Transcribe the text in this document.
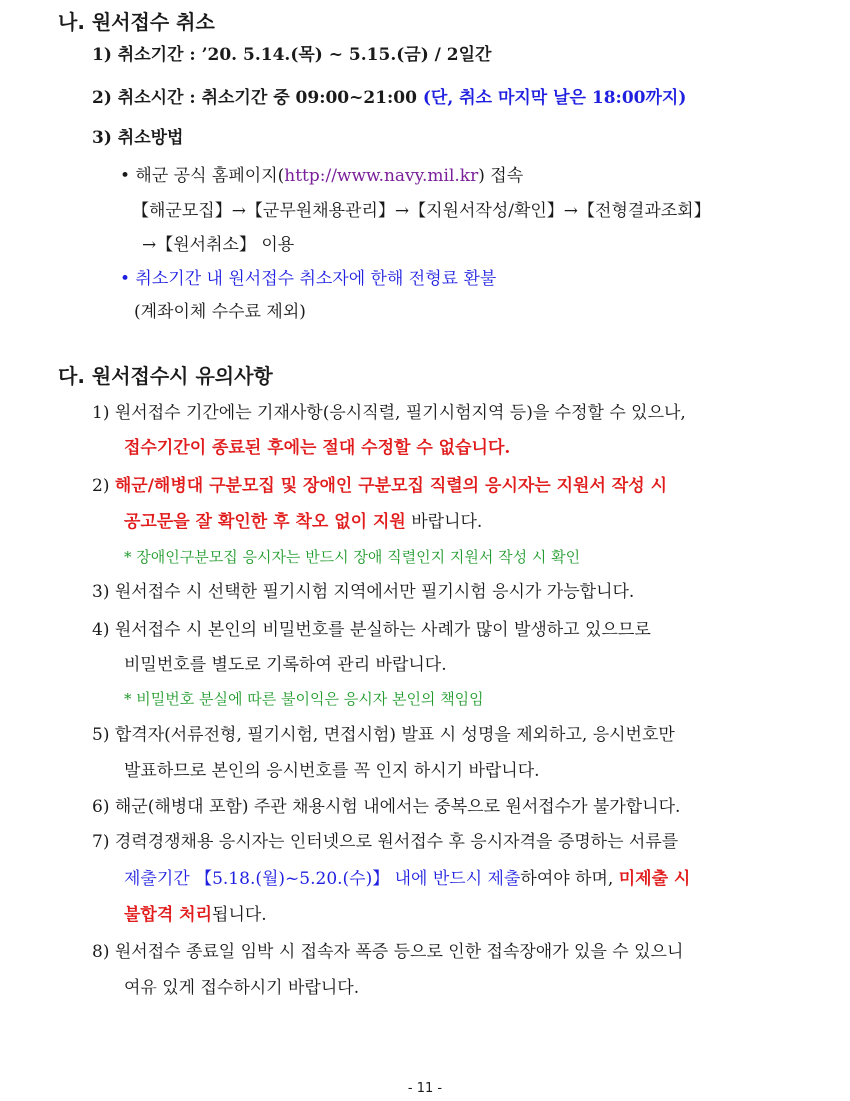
나. 원서접수 취소
1) 취소기간 : ’20. 5.14.(목) ~ 5.15.(금) / 2일간
2) 취소시간 : 취소기간 중 09:00~21:00 (단, 취소 마지막 날은 18:00까지)
3) 취소방법
• 해군 공식 홈페이지(http://www.navy.mil.kr) 접속
【해군모집】→【군무원채용관리】→【지원서작성/확인】→【전형결과조회】
→【원서취소】 이용
• 취소기간 내 원서접수 취소자에 한해 전형료 환불
(계좌이체 수수료 제외)
다. 원서접수시 유의사항
1) 원서접수 기간에는 기재사항(응시직렬, 필기시험지역 등)을 수정할 수 있으나,
접수기간이 종료된 후에는 절대 수정할 수 없습니다.
2) 해군/해병대 구분모집 및 장애인 구분모집 직렬의 응시자는 지원서 작성 시
공고문을 잘 확인한 후 착오 없이 지원 바랍니다.
* 장애인구분모집 응시자는 반드시 장애 직렬인지 지원서 작성 시 확인
3) 원서접수 시 선택한 필기시험 지역에서만 필기시험 응시가 가능합니다.
4) 원서접수 시 본인의 비밀번호를 분실하는 사례가 많이 발생하고 있으므로
비밀번호를 별도로 기록하여 관리 바랍니다.
* 비밀번호 분실에 따른 불이익은 응시자 본인의 책임임
5) 합격자(서류전형, 필기시험, 면접시험) 발표 시 성명을 제외하고, 응시번호만
발표하므로 본인의 응시번호를 꼭 인지 하시기 바랍니다.
6) 해군(해병대 포함) 주관 채용시험 내에서는 중복으로 원서접수가 불가합니다.
7) 경력경쟁채용 응시자는 인터넷으로 원서접수 후 응시자격을 증명하는 서류를
제출기간 【5.18.(월)~5.20.(수)】 내에 반드시 제출하여야 하며, 미제출 시
불합격 처리됩니다.
8) 원서접수 종료일 임박 시 접속자 폭증 등으로 인한 접속장애가 있을 수 있으니
여유 있게 접수하시기 바랍니다.
- 11 -
